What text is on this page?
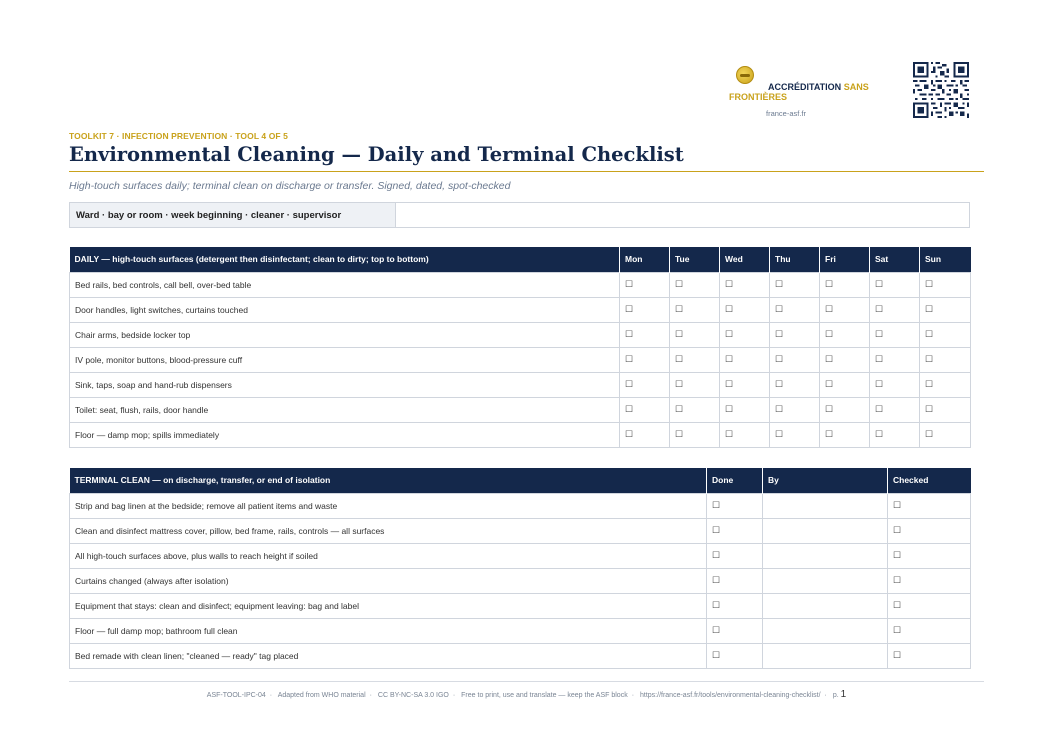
ACCRÉDITATION SANS
FRONTIÈRES
france-asf.fr
TOOLKIT 7 · INFECTION PREVENTION · TOOL 4 OF 5
Environmental Cleaning — Daily and Terminal Checklist
High-touch surfaces daily; terminal clean on discharge or transfer. Signed, dated, spot-checked
Ward · bay or room · week beginning · cleaner · supervisor
DAILY — high-touch surfaces (detergent then disinfectant; clean to dirty; top to bottom)	Mon	Tue	Wed	Thu	Fri	Sat	Sun
Bed rails, bed controls, call bell, over-bed table	☐	☐	☐	☐	☐	☐	☐
Door handles, light switches, curtains touched	☐	☐	☐	☐	☐	☐	☐
Chair arms, bedside locker top	☐	☐	☐	☐	☐	☐	☐
IV pole, monitor buttons, blood-pressure cuff	☐	☐	☐	☐	☐	☐	☐
Sink, taps, soap and hand-rub dispensers	☐	☐	☐	☐	☐	☐	☐
Toilet: seat, flush, rails, door handle	☐	☐	☐	☐	☐	☐	☐
Floor — damp mop; spills immediately	☐	☐	☐	☐	☐	☐	☐
TERMINAL CLEAN — on discharge, transfer, or end of isolation	Done	By	Checked
Strip and bag linen at the bedside; remove all patient items and waste	☐		☐
Clean and disinfect mattress cover, pillow, bed frame, rails, controls — all surfaces	☐		☐
All high-touch surfaces above, plus walls to reach height if soiled	☐		☐
Curtains changed (always after isolation)	☐		☐
Equipment that stays: clean and disinfect; equipment leaving: bag and label	☐		☐
Floor — full damp mop; bathroom full clean	☐		☐
Bed remade with clean linen; "cleaned — ready" tag placed	☐		☐
ASF-TOOL-IPC-04 · Adapted from WHO material · CC BY-NC-SA 3.0 IGO · Free to print, use and translate — keep the ASF block · https://france-asf.fr/tools/environmental-cleaning-checklist/ · p. 1
